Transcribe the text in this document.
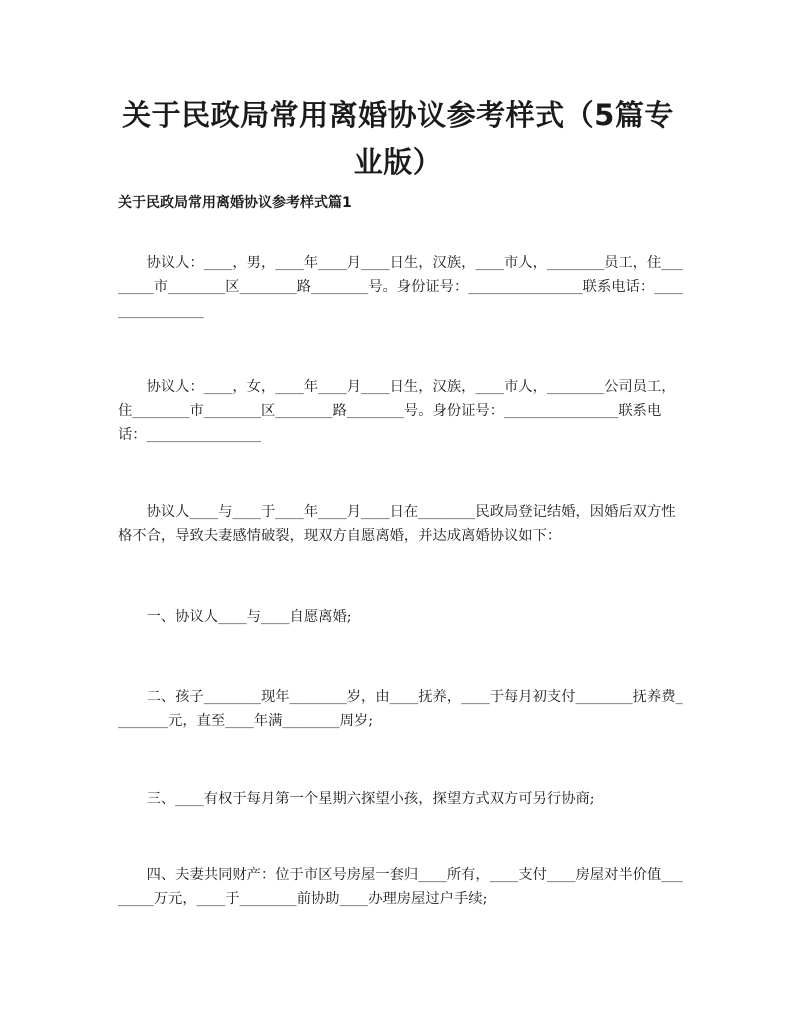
关于民政局常用离婚协议参考样式（5篇专业版）
关于民政局常用离婚协议参考样式篇1

协议人：____，男，____年____月____日生，汉族，____市人，________员工，住________市________区________路________号。身份证号：________________联系电话：________________

协议人：____，女，____年____月____日生，汉族，____市人，________公司员工，住________市________区________路________号。身份证号：________________联系电话：________________

协议人____与____于____年____月____日在________民政局登记结婚，因婚后双方性格不合，导致夫妻感情破裂，现双方自愿离婚，并达成离婚协议如下：

一、协议人____与____自愿离婚;

二、孩子________现年________岁，由____抚养，____于每月初支付________抚养费________元，直至____年满________周岁;

三、____有权于每月第一个星期六探望小孩，探望方式双方可另行协商;

四、夫妻共同财产：位于市区号房屋一套归____所有，____支付____房屋对半价值________万元，____于________前协助____办理房屋过户手续;
